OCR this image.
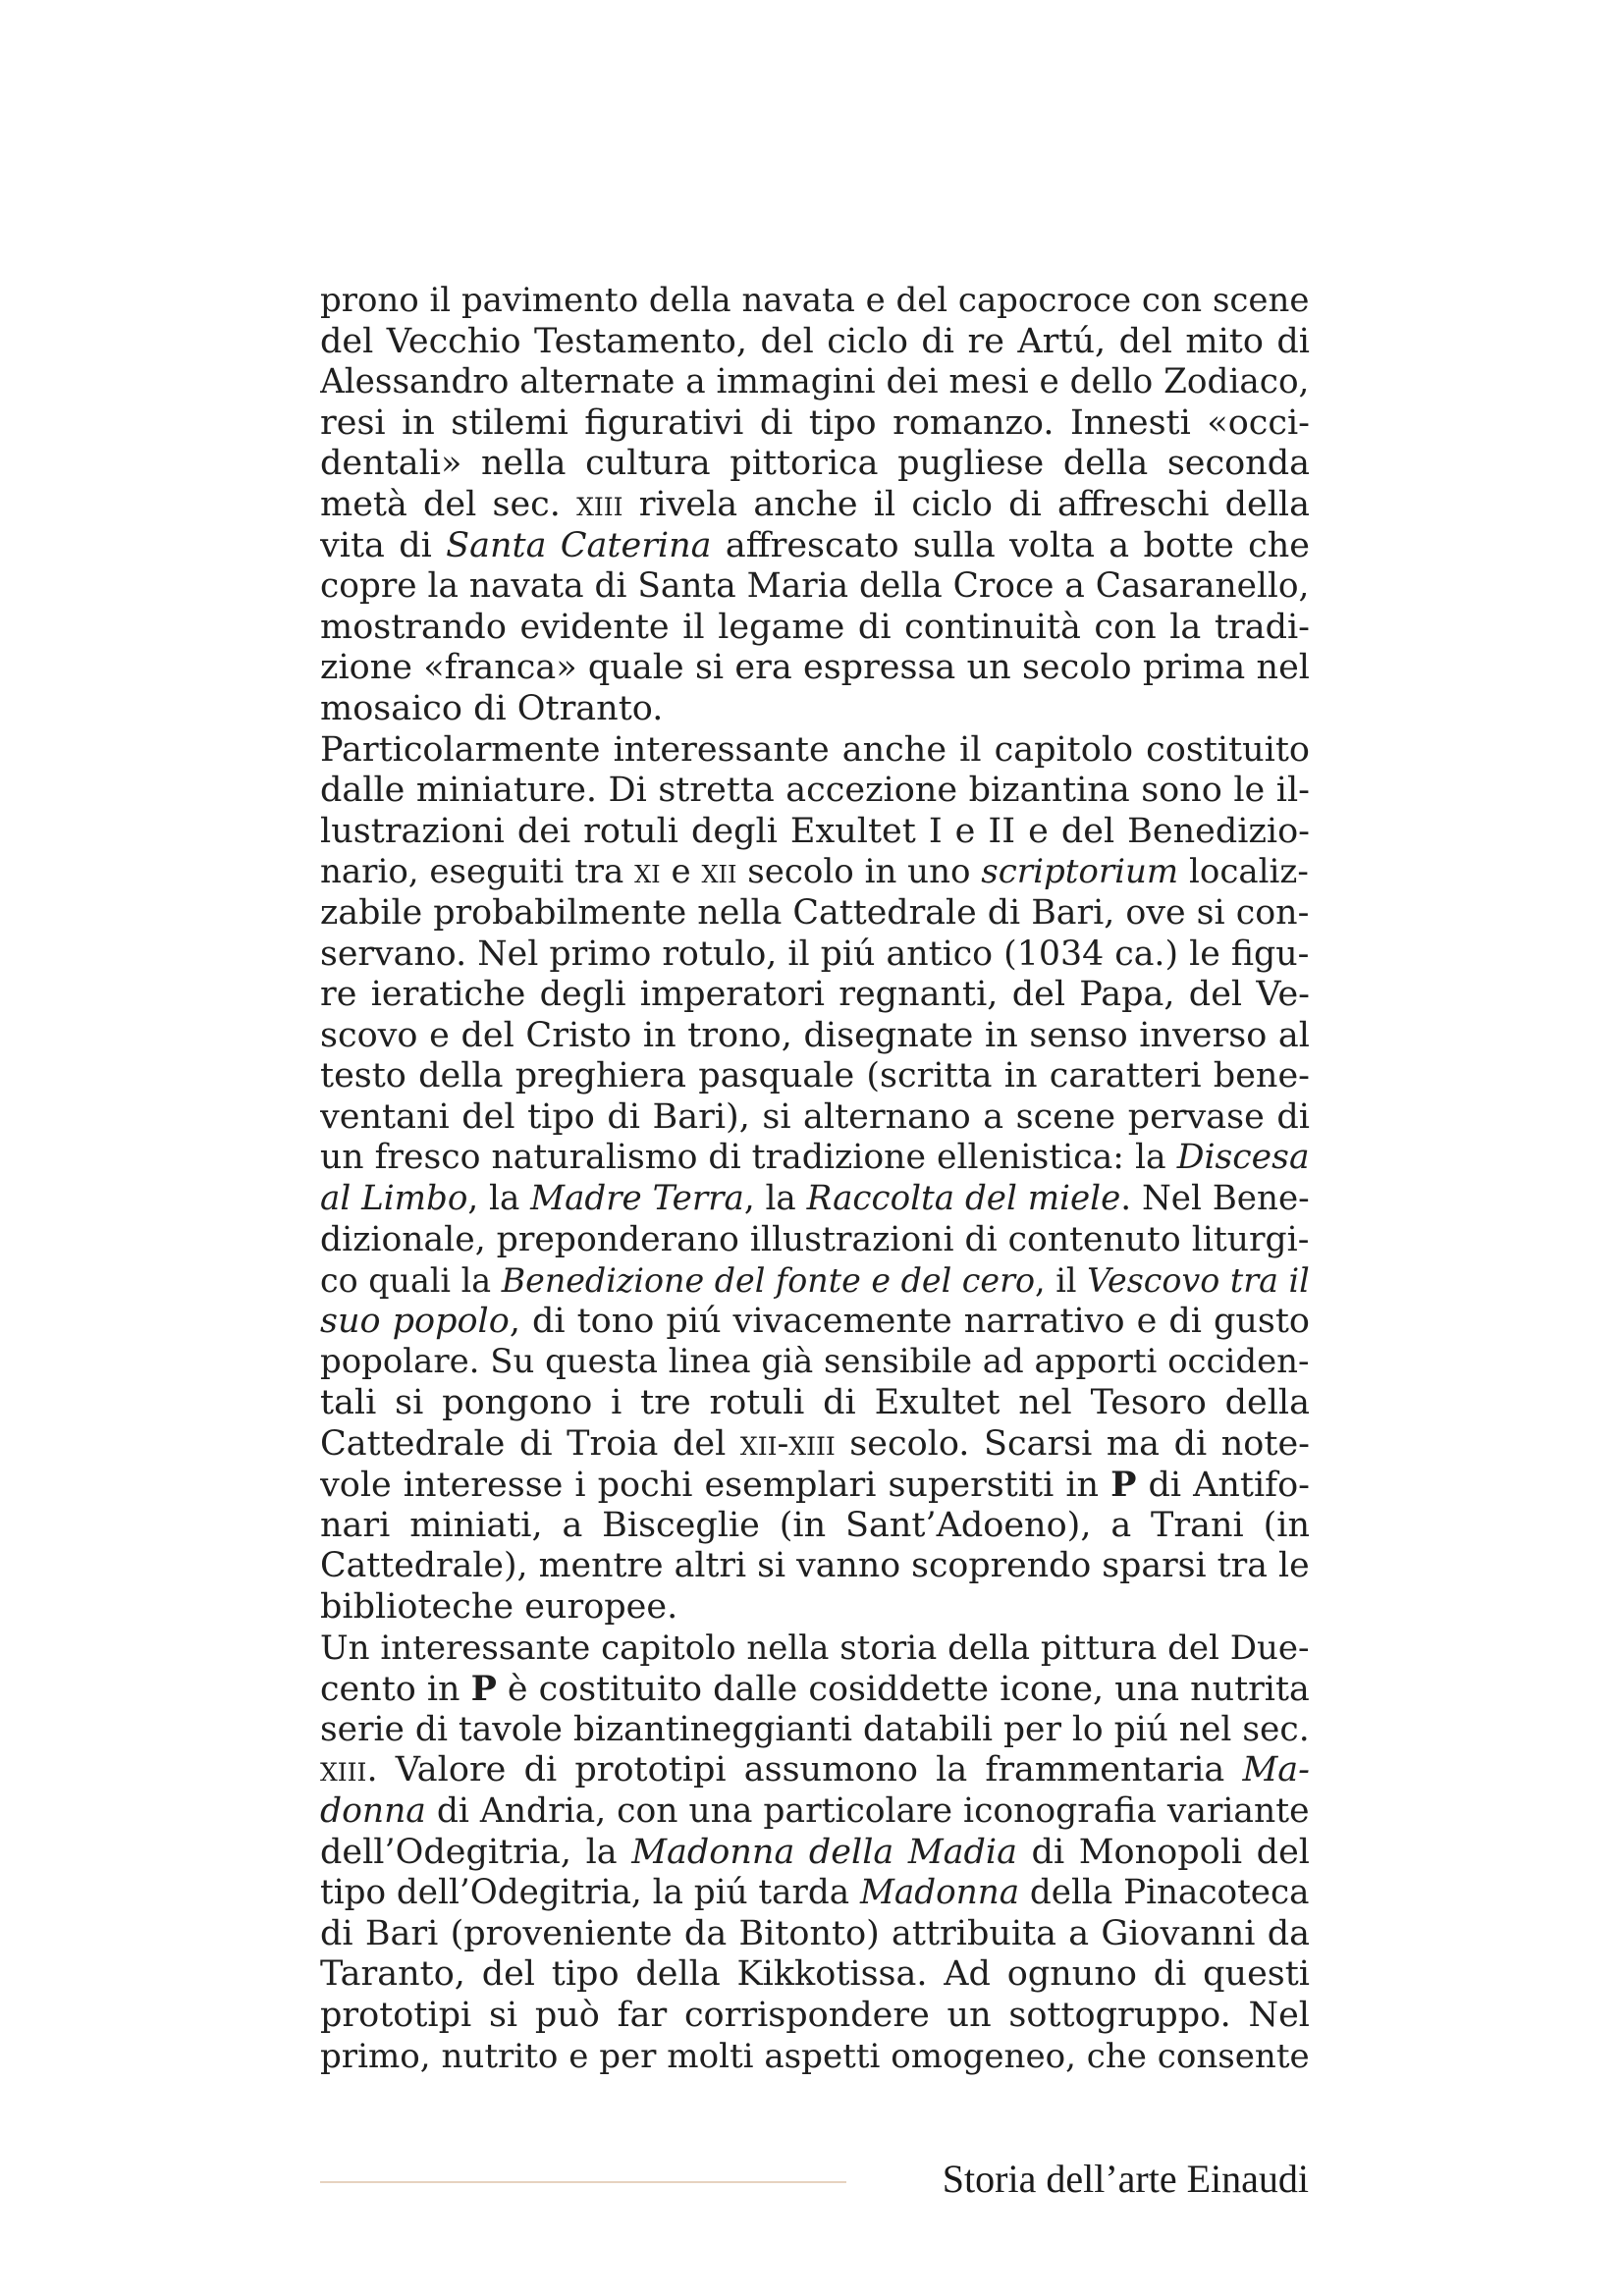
prono il pavimento della navata e del capocroce con scene
del Vecchio Testamento, del ciclo di re Artú, del mito di
Alessandro alternate a immagini dei mesi e dello Zodiaco,
resi in stilemi figurativi di tipo romanzo. Innesti «occi-
dentali» nella cultura pittorica pugliese della seconda
metà del sec. xiii rivela anche il ciclo di affreschi della
vita di Santa Caterina affrescato sulla volta a botte che
copre la navata di Santa Maria della Croce a Casaranello,
mostrando evidente il legame di continuità con la tradi-
zione «franca» quale si era espressa un secolo prima nel
mosaico di Otranto.
Particolarmente interessante anche il capitolo costituito
dalle miniature. Di stretta accezione bizantina sono le il-
lustrazioni dei rotuli degli Exultet I e II e del Benedizio-
nario, eseguiti tra xi e xii secolo in uno scriptorium localiz-
zabile probabilmente nella Cattedrale di Bari, ove si con-
servano. Nel primo rotulo, il piú antico (1034 ca.) le figu-
re ieratiche degli imperatori regnanti, del Papa, del Ve-
scovo e del Cristo in trono, disegnate in senso inverso al
testo della preghiera pasquale (scritta in caratteri bene-
ventani del tipo di Bari), si alternano a scene pervase di
un fresco naturalismo di tradizione ellenistica: la Discesa
al Limbo, la Madre Terra, la Raccolta del miele. Nel Bene-
dizionale, preponderano illustrazioni di contenuto liturgi-
co quali la Benedizione del fonte e del cero, il Vescovo tra il
suo popolo, di tono piú vivacemente narrativo e di gusto
popolare. Su questa linea già sensibile ad apporti occiden-
tali si pongono i tre rotuli di Exultet nel Tesoro della
Cattedrale di Troia del xii-xiii secolo. Scarsi ma di note-
vole interesse i pochi esemplari superstiti in P di Antifo-
nari miniati, a Bisceglie (in Sant’Adoeno), a Trani (in
Cattedrale), mentre altri si vanno scoprendo sparsi tra le
biblioteche europee.
Un interessante capitolo nella storia della pittura del Due-
cento in P è costituito dalle cosiddette icone, una nutrita
serie di tavole bizantineggianti databili per lo piú nel sec.
xiii. Valore di prototipi assumono la frammentaria Ma-
donna di Andria, con una particolare iconografia variante
dell’Odegitria, la Madonna della Madia di Monopoli del
tipo dell’Odegitria, la piú tarda Madonna della Pinacoteca
di Bari (proveniente da Bitonto) attribuita a Giovanni da
Taranto, del tipo della Kikkotissa. Ad ognuno di questi
prototipi si può far corrispondere un sottogruppo. Nel
primo, nutrito e per molti aspetti omogeneo, che consente
Storia dell’arte Einaudi
